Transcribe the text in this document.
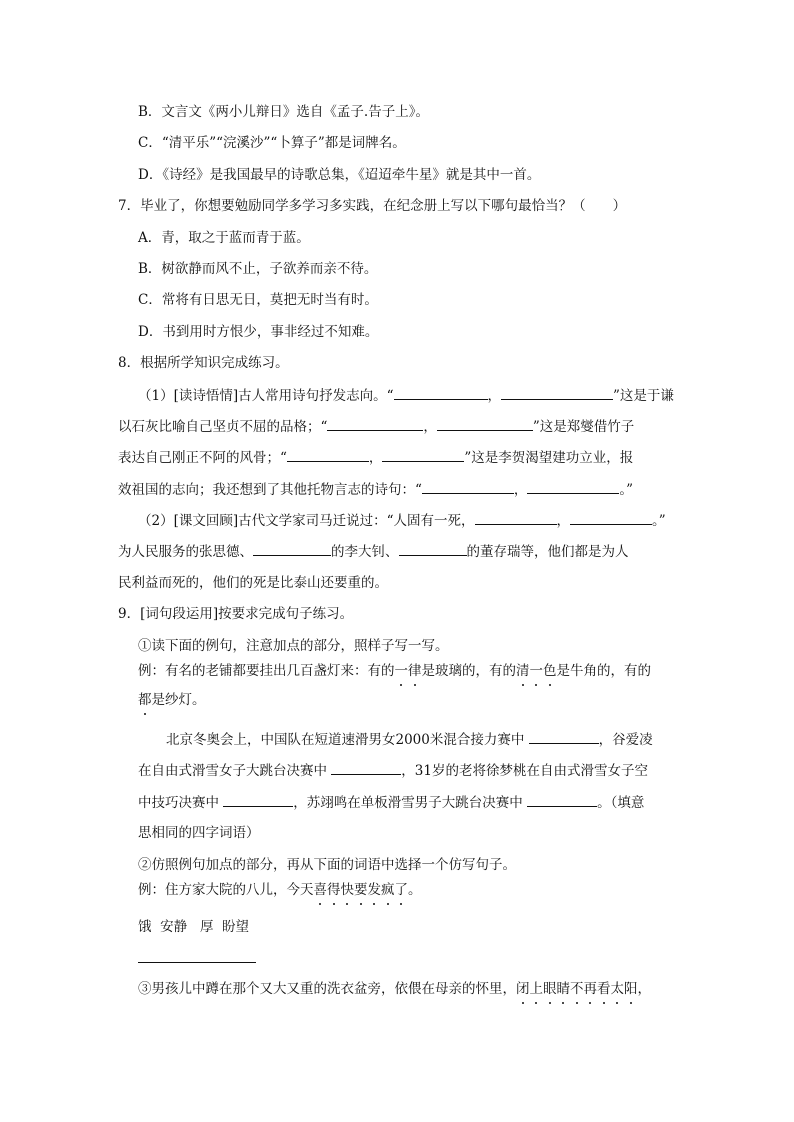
B．文言文《两小儿辩日》选自《孟子.告子上》。
C．“清平乐”“浣溪沙”“卜算子”都是词牌名。
D．《诗经》是我国最早的诗歌总集，《迢迢牵牛星》就是其中一首。
7．毕业了，你想要勉励同学多学习多实践，在纪念册上写以下哪句最恰当？（　　）
A．青，取之于蓝而青于蓝。
B．树欲静而风不止，子欲养而亲不待。
C．常将有日思无日，莫把无时当有时。
D．书到用时方恨少，事非经过不知难。
8．根据所学知识完成练习。
（1）[读诗悟情]古人常用诗句抒发志向。“	，	”这是于谦
以石灰比喻自己坚贞不屈的品格；“	，	”这是郑燮借竹子
表达自己刚正不阿的风骨；“	，	”这是李贺渴望建功立业，报
效祖国的志向；我还想到了其他托物言志的诗句：“	，	。”
（2）[课文回顾]古代文学家司马迁说过：“人固有一死，	，	。”
为人民服务的张思德、	的李大钊、	的董存瑞等，他们都是为人
民利益而死的，他们的死是比泰山还要重的。
9．[词句段运用]按要求完成句子练习。
①读下面的例句，注意加点的部分，照样子写一写。
例：有名的老铺都要挂出几百盏灯来：有的一律是玻璃的，有的清一色是牛角的，有的
都是纱灯。
北京冬奥会上，中国队在短道速滑男女2000米混合接力赛中	，谷爱凌
在自由式滑雪女子大跳台决赛中	，31岁的老将徐梦桃在自由式滑雪女子空
中技巧决赛中	，苏翊鸣在单板滑雪男子大跳台决赛中	。（填意
思相同的四字词语）
②仿照例句加点的部分，再从下面的词语中选择一个仿写句子。
例：住方家大院的八儿，今天喜得快要发疯了。
饿  安静   厚  盼望
③男孩儿中蹲在那个又大又重的洗衣盆旁，依偎在母亲的怀里，闭上眼睛不再看太阳，
